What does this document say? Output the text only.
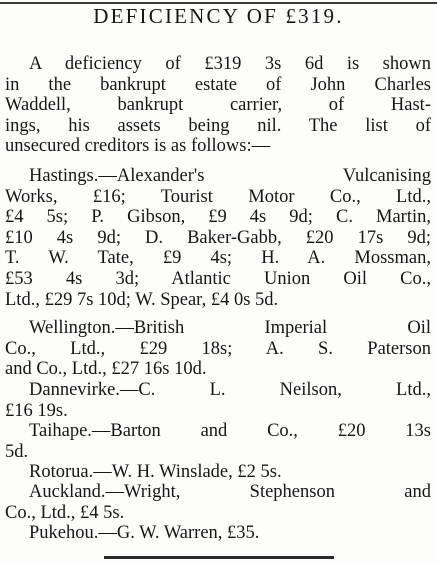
DEFICIENCY OF £319.
A deficiency of £319 3s 6d is shown
in the bankrupt estate of John Charles
Waddell, bankrupt carrier, of Hast-
ings, his assets being nil. The list of
unsecured creditors is as follows:—
Hastings.—Alexander's Vulcanising
Works, £16; Tourist Motor Co., Ltd.,
£4 5s; P. Gibson, £9 4s 9d; C. Martin,
£10 4s 9d; D. Baker-Gabb, £20 17s 9d;
T. W. Tate, £9 4s; H. A. Mossman,
£53 4s 3d; Atlantic Union Oil Co.,
Ltd., £29 7s 10d; W. Spear, £4 0s 5d.
Wellington.—British Imperial Oil
Co., Ltd., £29 18s; A. S. Paterson
and Co., Ltd., £27 16s 10d.
Dannevirke.—C. L. Neilson, Ltd.,
£16 19s.
Taihape.—Barton and Co., £20 13s
5d.
Rotorua.—W. H. Winslade, £2 5s.
Auckland.—Wright, Stephenson and
Co., Ltd., £4 5s.
Pukehou.—G. W. Warren, £35.
